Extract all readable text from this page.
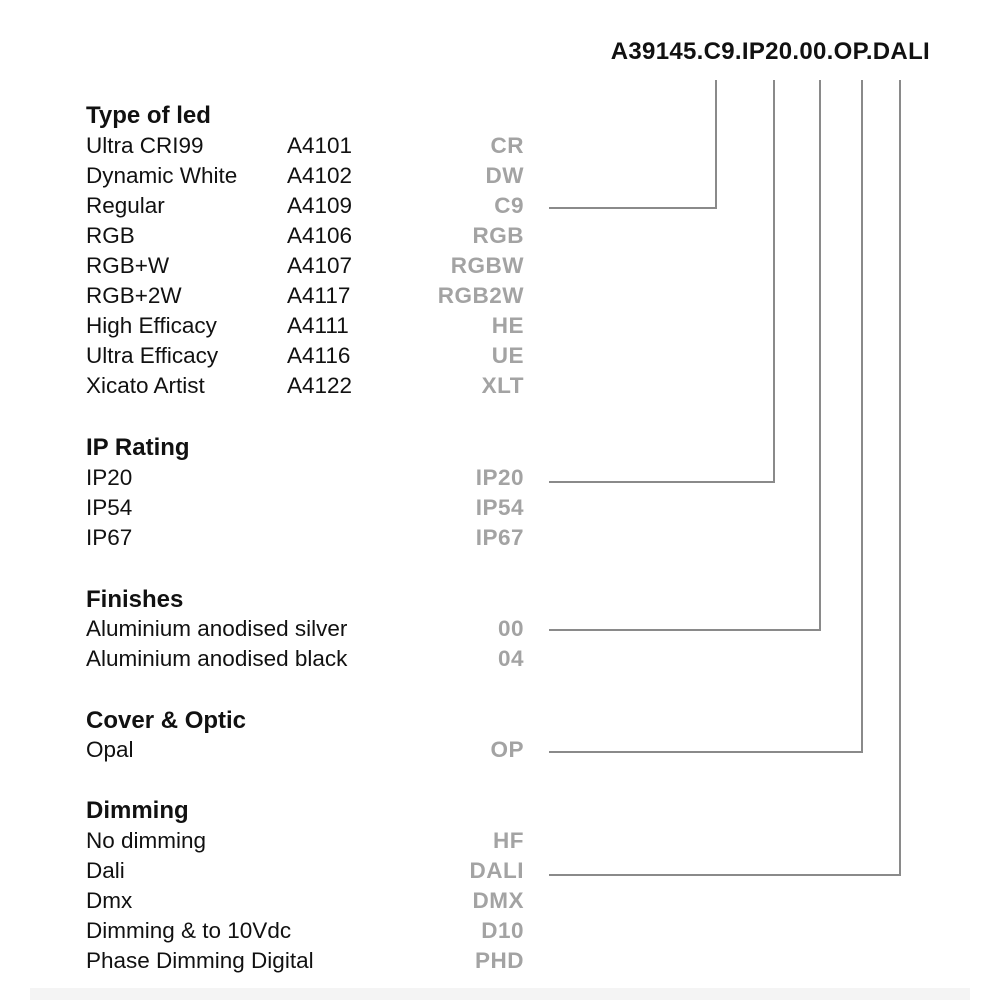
A39145.C9.IP20.00.OP.DALI
Type of led
Ultra CRI99	A4101	CR
Dynamic White A4102	DW
Regular	A4109	C9
RGB	A4106	RGB
RGB+W	A4107	RGBW
RGB+2W	A4117	RGB2W
High Efficacy	A4111	HE
Ultra Efficacy	A4116	UE
Xicato Artist	A4122	XLT
IP Rating
IP20	IP20
IP54	IP54
IP67	IP67
Finishes
Aluminium anodised silver	00
Aluminium anodised black	04
Cover & Optic
Opal	OP
Dimming
No dimming	HF
Dali	DALI
Dmx	DMX
Dimming & to 10Vdc	D10
Phase Dimming Digital	PHD
